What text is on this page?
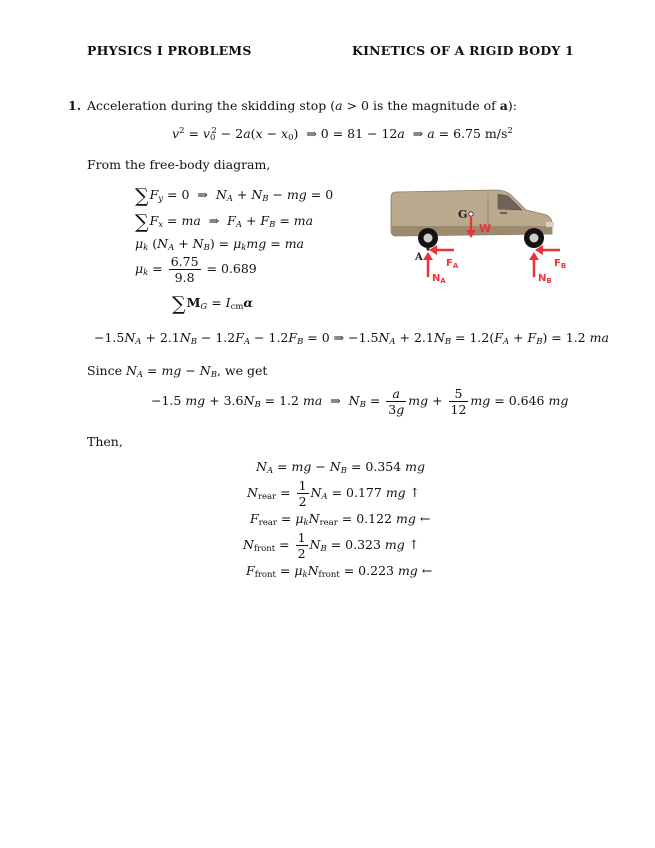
PHYSICS I PROBLEMS	KINETICS OF A RIGID BODY 1
1. Acceleration during the skidding stop (a > 0 is the magnitude of a):
$v^2 = v_0^2 - 2a(x - x_0)$  ⇒ 0 = 81 − 12a  ⇒ a = 6.75 $m/s^2$
From the free-body diagram,
$\sum F_y = 0$  ⇒  $N_A + N_B$ − mg = 0
$\sum F_x$ = ma  ⇒  $F_A + F_B$ = ma
$\mu_k$ $(N_A + N_B) = \mu_kmg$ = ma
$\mu_k = \frac{6.75}{9.8} = 0.689$
$\sum M_G = I_{cm}\alpha$
$-1.5N_A + 2.1N_B - 1.2F_A - 1.2F_B = 0$ ⇒ $-1.5N_A + 2.1N_B = 1.2(F_A + F_B) = 1.2$ ma
Since $N_A$ = mg − $N_B$, we get
−1.5 mg + $3.6N_B = 1.2$ ma  ⇒  $N_B = \frac{a}{3g}$ mg + $\frac{5}{12}$ mg = 0.646 mg
Then,
$N_A$ = mg − $N_B = 0.354$ mg
$N_{rear} = \frac{1}{2} N_A = 0.177$ mg ↑
$F_{rear} = \mu_kN_{rear} = 0.122$ mg ←
$N_{front} = \frac{1}{2} N_B = 0.323$ mg ↑
$F_{front} = \mu_kN_{front} = 0.223$ mg ←
G
W
A
$F_A$
$N_A$
$F_B$
$N_B$
